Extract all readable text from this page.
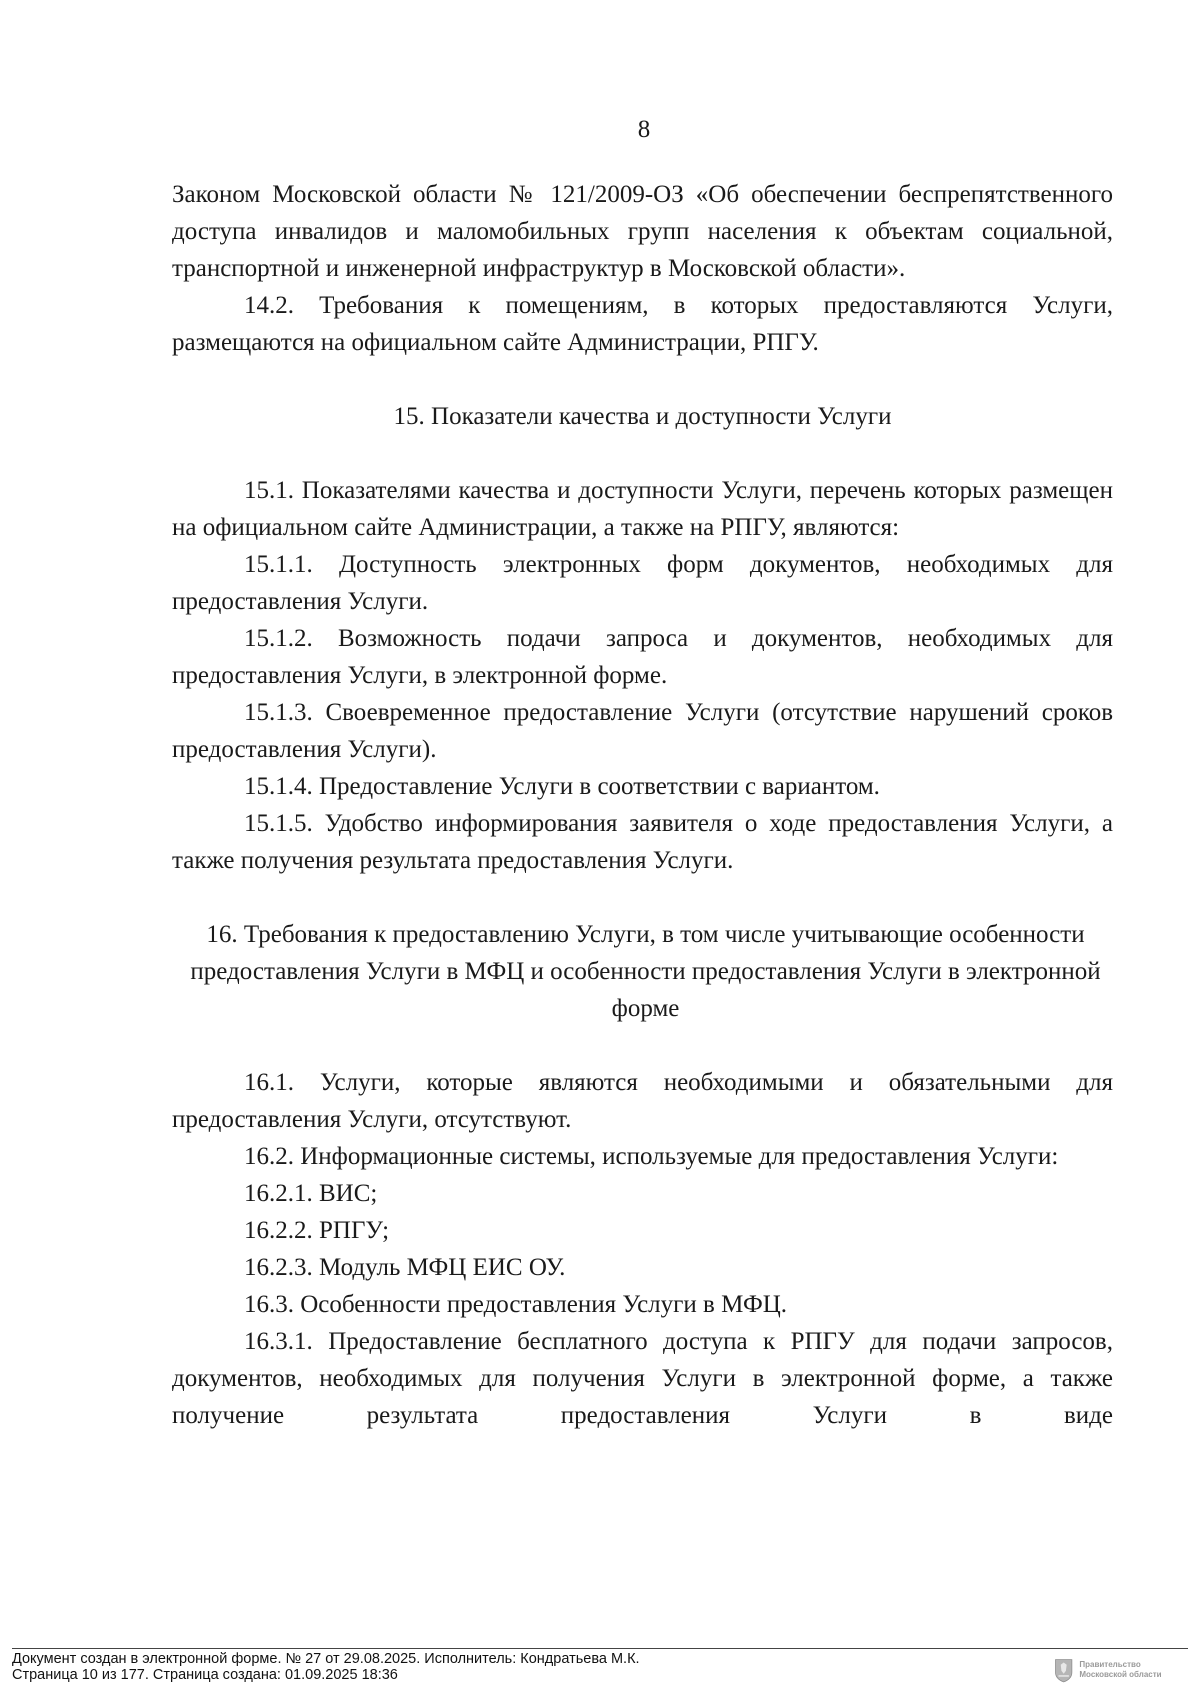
8

Законом Московской области № 121/2009-ОЗ «Об обеспечении беспрепятственного доступа инвалидов и маломобильных групп населения к объектам социальной, транспортной и инженерной инфраструктур в Московской области».

14.2. Требования к помещениям, в которых предоставляются Услуги, размещаются на официальном сайте Администрации, РПГУ.

15. Показатели качества и доступности Услуги

15.1. Показателями качества и доступности Услуги, перечень которых размещен на официальном сайте Администрации, а также на РПГУ, являются:

15.1.1. Доступность электронных форм документов, необходимых для предоставления Услуги.

15.1.2. Возможность подачи запроса и документов, необходимых для предоставления Услуги, в электронной форме.

15.1.3. Своевременное предоставление Услуги (отсутствие нарушений сроков предоставления Услуги).

15.1.4. Предоставление Услуги в соответствии с вариантом.

15.1.5. Удобство информирования заявителя о ходе предоставления Услуги, а также получения результата предоставления Услуги.

16. Требования к предоставлению Услуги, в том числе учитывающие особенности предоставления Услуги в МФЦ и особенности предоставления Услуги в электронной форме

16.1. Услуги, которые являются необходимыми и обязательными для предоставления Услуги, отсутствуют.

16.2. Информационные системы, используемые для предоставления Услуги:

16.2.1. ВИС;

16.2.2. РПГУ;

16.2.3. Модуль МФЦ ЕИС ОУ.

16.3. Особенности предоставления Услуги в МФЦ.

16.3.1. Предоставление бесплатного доступа к РПГУ для подачи запросов, документов, необходимых для получения Услуги в электронной форме, а также получение результата предоставления Услуги в виде

Документ создан в электронной форме. № 27 от 29.08.2025. Исполнитель: Кондратьева М.К.
Страница 10 из 177. Страница создана: 01.09.2025 18:36
Правительство Московской области
